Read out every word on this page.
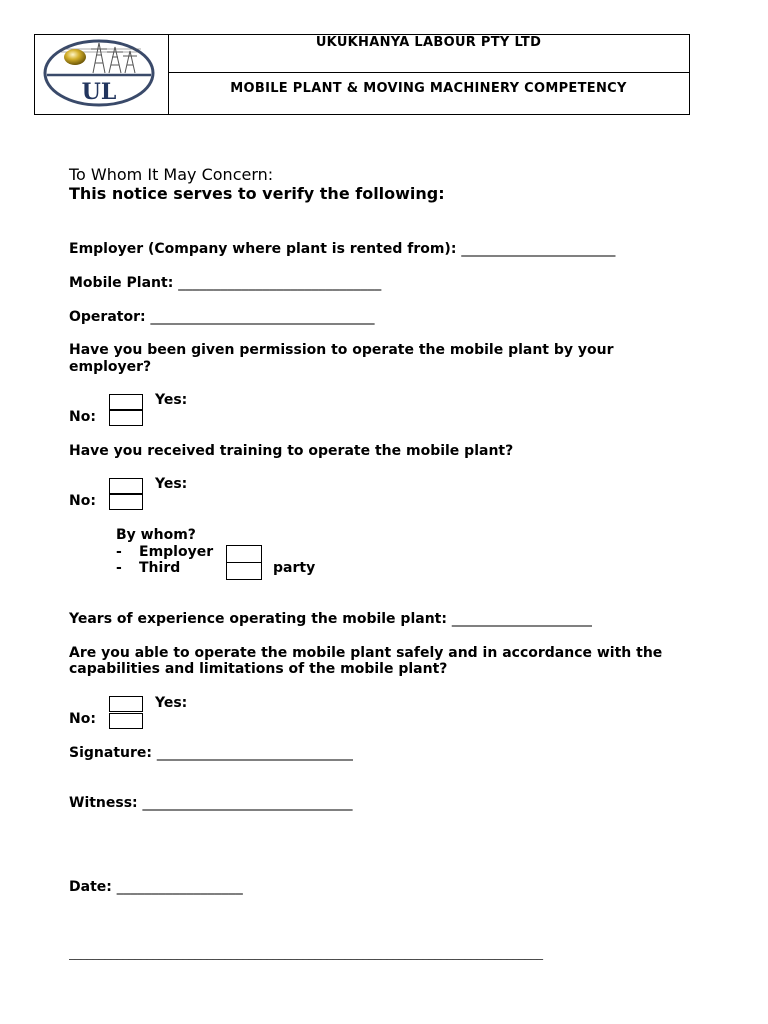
UL
UKUKHANYA LABOUR PTY LTD
MOBILE PLANT & MOVING MACHINERY COMPETENCY
To Whom It May Concern:
This notice serves to verify the following:
Employer (Company where plant is rented from): ______________________
Mobile Plant: _____________________________
Operator: ________________________________
Have you been given permission to operate the mobile plant by your
employer?
Yes:
No:
Have you received training to operate the mobile plant?
Yes:
No:
By whom?
- Employer
- Third	party
Years of experience operating the mobile plant: ____________________
Are you able to operate the mobile plant safely and in accordance with the
capabilities and limitations of the mobile plant?
Yes:
No:
Signature: ____________________________
Witness: ______________________________
Date: __________________
_______________________________________________________________________________
